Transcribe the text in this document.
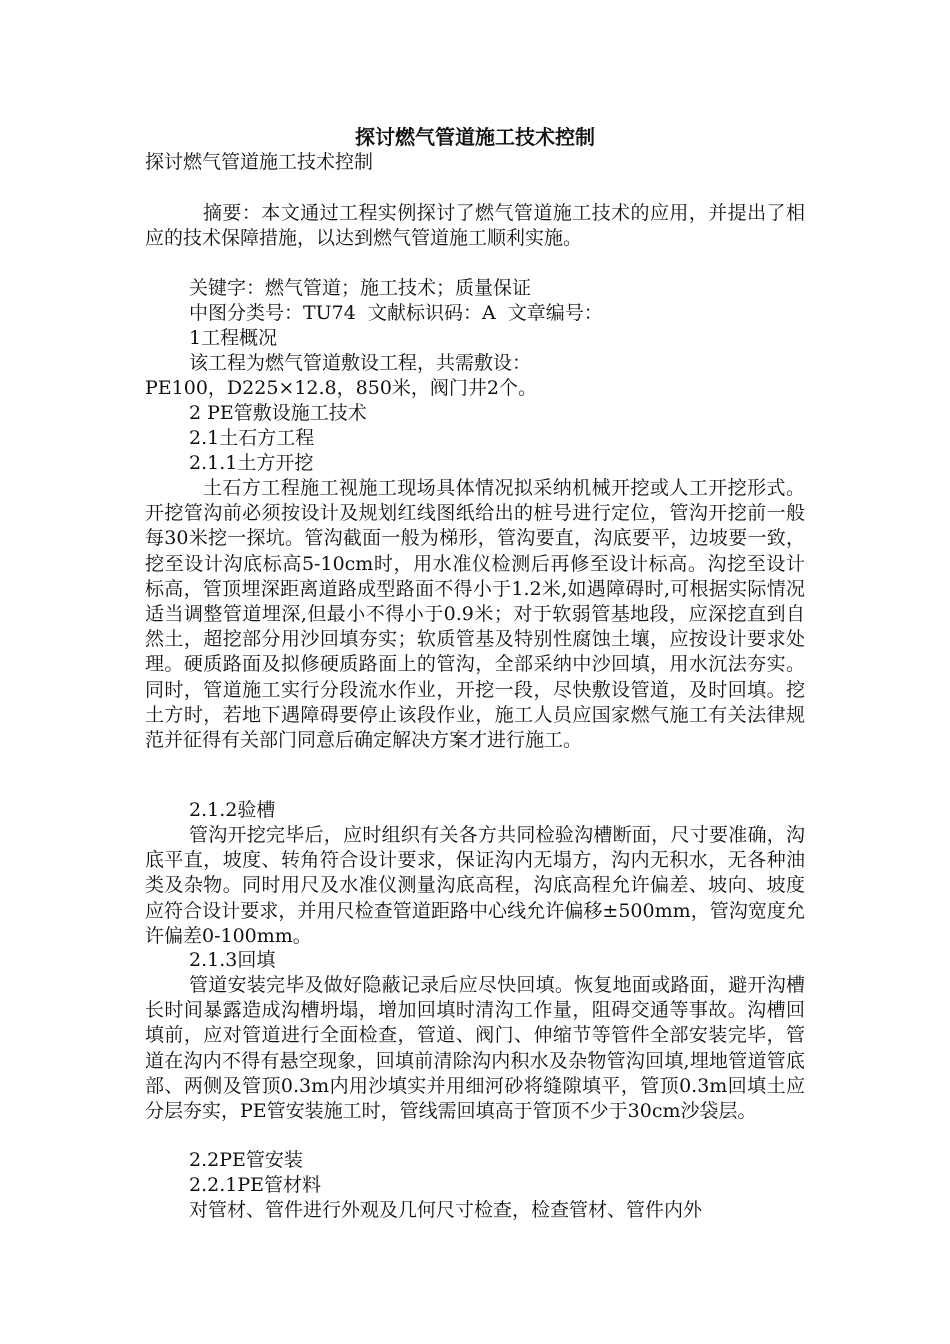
探讨燃气管道施工技术控制
探讨燃气管道施工技术控制

摘要：本文通过工程实例探讨了燃气管道施工技术的应用，并提出了相应的技术保障措施，以达到燃气管道施工顺利实施。

关键字：燃气管道；施工技术；质量保证
中图分类号：TU74  文献标识码：A  文章编号：
1工程概况
该工程为燃气管道敷设工程，共需敷设：
PE100，D225×12.8，850米，阀门井2个。
2 PE管敷设施工技术
2.1土石方工程
2.1.1土方开挖

土石方工程施工视施工现场具体情况拟采纳机械开挖或人工开挖形式。开挖管沟前必须按设计及规划红线图纸给出的桩号进行定位，管沟开挖前一般每30米挖一探坑。管沟截面一般为梯形，管沟要直，沟底要平，边坡要一致，挖至设计沟底标高5-10cm时，用水准仪检测后再修至设计标高。沟挖至设计标高，管顶埋深距离道路成型路面不得小于1.2米,如遇障碍时,可根据实际情况适当调整管道埋深,但最小不得小于0.9米；对于软弱管基地段，应深挖直到自然土，超挖部分用沙回填夯实；软质管基及特别性腐蚀土壤，应按设计要求处理。硬质路面及拟修硬质路面上的管沟，全部采纳中沙回填，用水沉法夯实。同时，管道施工实行分段流水作业，开挖一段，尽快敷设管道，及时回填。挖土方时，若地下遇障碍要停止该段作业，施工人员应国家燃气施工有关法律规范并征得有关部门同意后确定解决方案才进行施工。

2.1.2验槽

管沟开挖完毕后，应时组织有关各方共同检验沟槽断面，尺寸要准确，沟底平直，坡度、转角符合设计要求，保证沟内无塌方，沟内无积水，无各种油类及杂物。同时用尺及水准仪测量沟底高程，沟底高程允许偏差、坡向、坡度应符合设计要求，并用尺检查管道距路中心线允许偏移±500mm，管沟宽度允许偏差0-100mm。

2.1.3回填

管道安装完毕及做好隐蔽记录后应尽快回填。恢复地面或路面，避开沟槽长时间暴露造成沟槽坍塌，增加回填时清沟工作量，阻碍交通等事故。沟槽回填前，应对管道进行全面检查，管道、阀门、伸缩节等管件全部安装完毕，管道在沟内不得有悬空现象，回填前清除沟内积水及杂物管沟回填,埋地管道管底部、两侧及管顶0.3m内用沙填实并用细河砂将缝隙填平，管顶0.3m回填土应分层夯实，PE管安装施工时，管线需回填高于管顶不少于30cm沙袋层。

2.2PE管安装
2.2.1PE管材料

对管材、管件进行外观及几何尺寸检查，检查管材、管件内外
